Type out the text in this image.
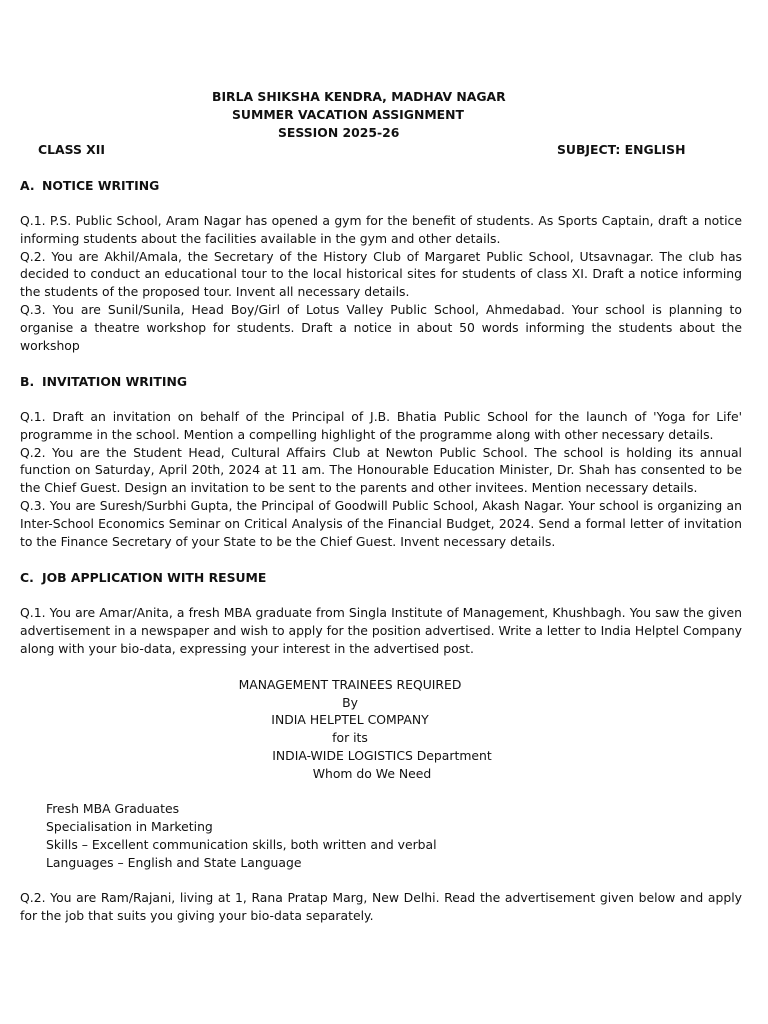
BIRLA SHIKSHA KENDRA, MADHAV NAGAR
SUMMER VACATION ASSIGNMENT
SESSION 2025-26
CLASS XII	SUBJECT: ENGLISH
A. NOTICE WRITING

Q.1. P.S. Public School, Aram Nagar has opened a gym for the benefit of students. As Sports Captain, draft a notice informing students about the facilities available in the gym and other details.

Q.2. You are Akhil/Amala, the Secretary of the History Club of Margaret Public School, Utsavnagar. The club has decided to conduct an educational tour to the local historical sites for students of class XI. Draft a notice informing the students of the proposed tour. Invent all necessary details.

Q.3. You are Sunil/Sunila, Head Boy/Girl of Lotus Valley Public School, Ahmedabad. Your school is planning to organise a theatre workshop for students. Draft a notice in about 50 words informing the students about the workshop

B. INVITATION WRITING

Q.1. Draft an invitation on behalf of the Principal of J.B. Bhatia Public School for the launch of 'Yoga for Life' programme in the school. Mention a compelling highlight of the programme along with other necessary details.

Q.2. You are the Student Head, Cultural Affairs Club at Newton Public School. The school is holding its annual function on Saturday, April 20th, 2024 at 11 am. The Honourable Education Minister, Dr. Shah has consented to be the Chief Guest. Design an invitation to be sent to the parents and other invitees. Mention necessary details.

Q.3. You are Suresh/Surbhi Gupta, the Principal of Goodwill Public School, Akash Nagar. Your school is organizing an Inter-School Economics Seminar on Critical Analysis of the Financial Budget, 2024. Send a formal letter of invitation to the Finance Secretary of your State to be the Chief Guest. Invent necessary details.

C. JOB APPLICATION WITH RESUME

Q.1. You are Amar/Anita, a fresh MBA graduate from Singla Institute of Management, Khushbagh. You saw the given advertisement in a newspaper and wish to apply for the position advertised. Write a letter to India Helptel Company along with your bio-data, expressing your interest in the advertised post.

MANAGEMENT TRAINEES REQUIRED
By
INDIA HELPTEL COMPANY
for its
INDIA-WIDE LOGISTICS Department
Whom do We Need
Fresh MBA Graduates
Specialisation in Marketing
Skills – Excellent communication skills, both written and verbal
Languages – English and State Language

Q.2. You are Ram/Rajani, living at 1, Rana Pratap Marg, New Delhi. Read the advertisement given below and apply for the job that suits you giving your bio-data separately.
